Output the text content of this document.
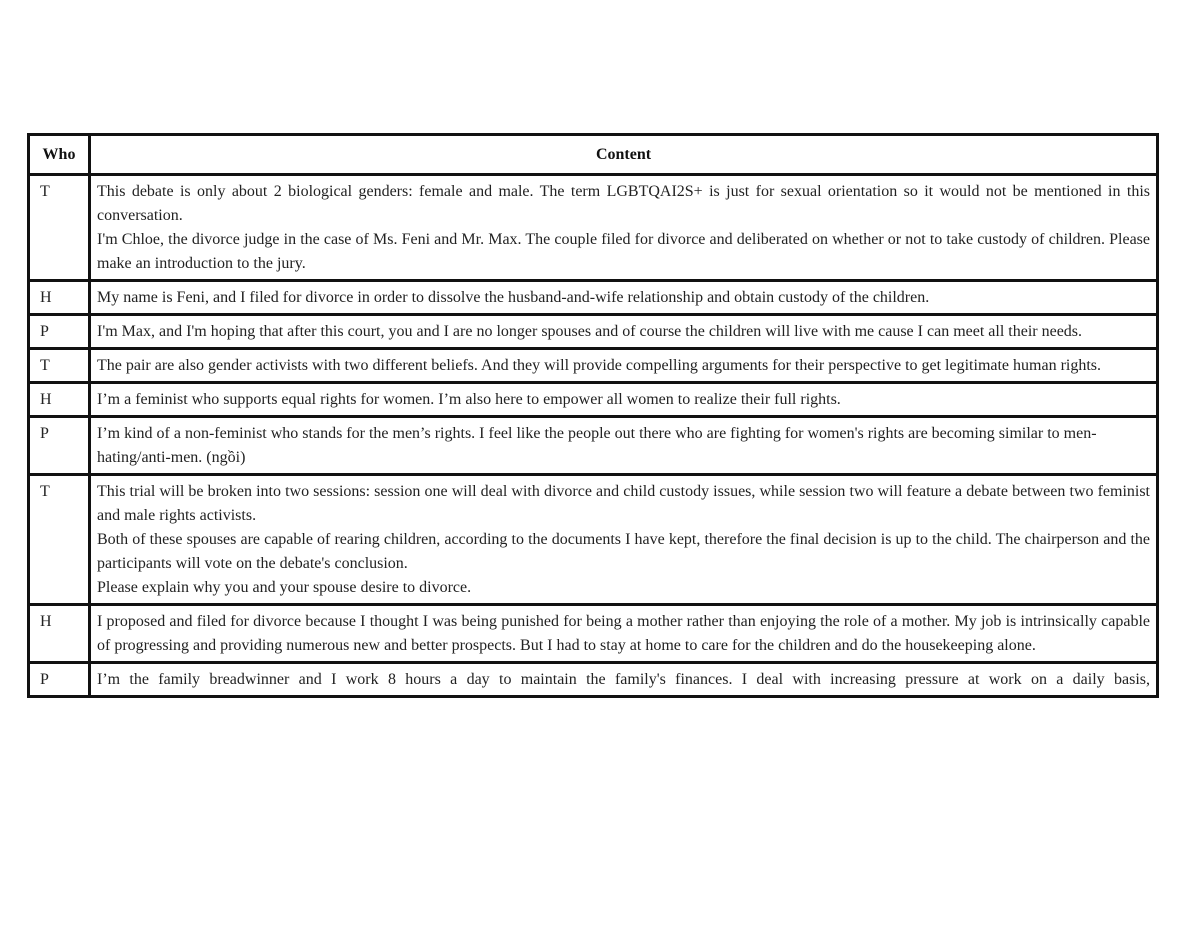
Who	Content
T	This debate is only about 2 biological genders: female and male. The term LGBTQAI2S+ is just for sexual orientation so it would not be mentioned in this conversation.

I'm Chloe, the divorce judge in the case of Ms. Feni and Mr. Max. The couple filed for divorce and deliberated on whether or not to take custody of children. Please make an introduction to the jury.

H	My name is Feni, and I filed for divorce in order to dissolve the husband-and-wife relationship and obtain custody of the children.

P	I'm Max, and I'm hoping that after this court, you and I are no longer spouses and of course the children will live with me cause I can meet all their needs.

T	The pair are also gender activists with two different beliefs. And they will provide compelling arguments for their perspective to get legitimate human rights.

H	I’m a feminist who supports equal rights for women. I’m also here to empower all women to realize their full rights.

P	I’m kind of a non-feminist who stands for the men’s rights. I feel like the people out there who are fighting for women's rights are becoming similar to men-hating/anti-men. (ngồi)

T	This trial will be broken into two sessions: session one will deal with divorce and child custody issues, while session two will feature a debate between two feminist and male rights activists.

Both of these spouses are capable of rearing children, according to the documents I have kept, therefore the final decision is up to the child. The chairperson and the participants will vote on the debate's conclusion.

Please explain why you and your spouse desire to divorce.

H	I proposed and filed for divorce because I thought I was being punished for being a mother rather than enjoying the role of a mother. My job is intrinsically capable of progressing and providing numerous new and better prospects. But I had to stay at home to care for the children and do the housekeeping alone.

P	I’m the family breadwinner and I work 8 hours a day to maintain the family's finances. I deal with increasing pressure at work on a daily basis,
